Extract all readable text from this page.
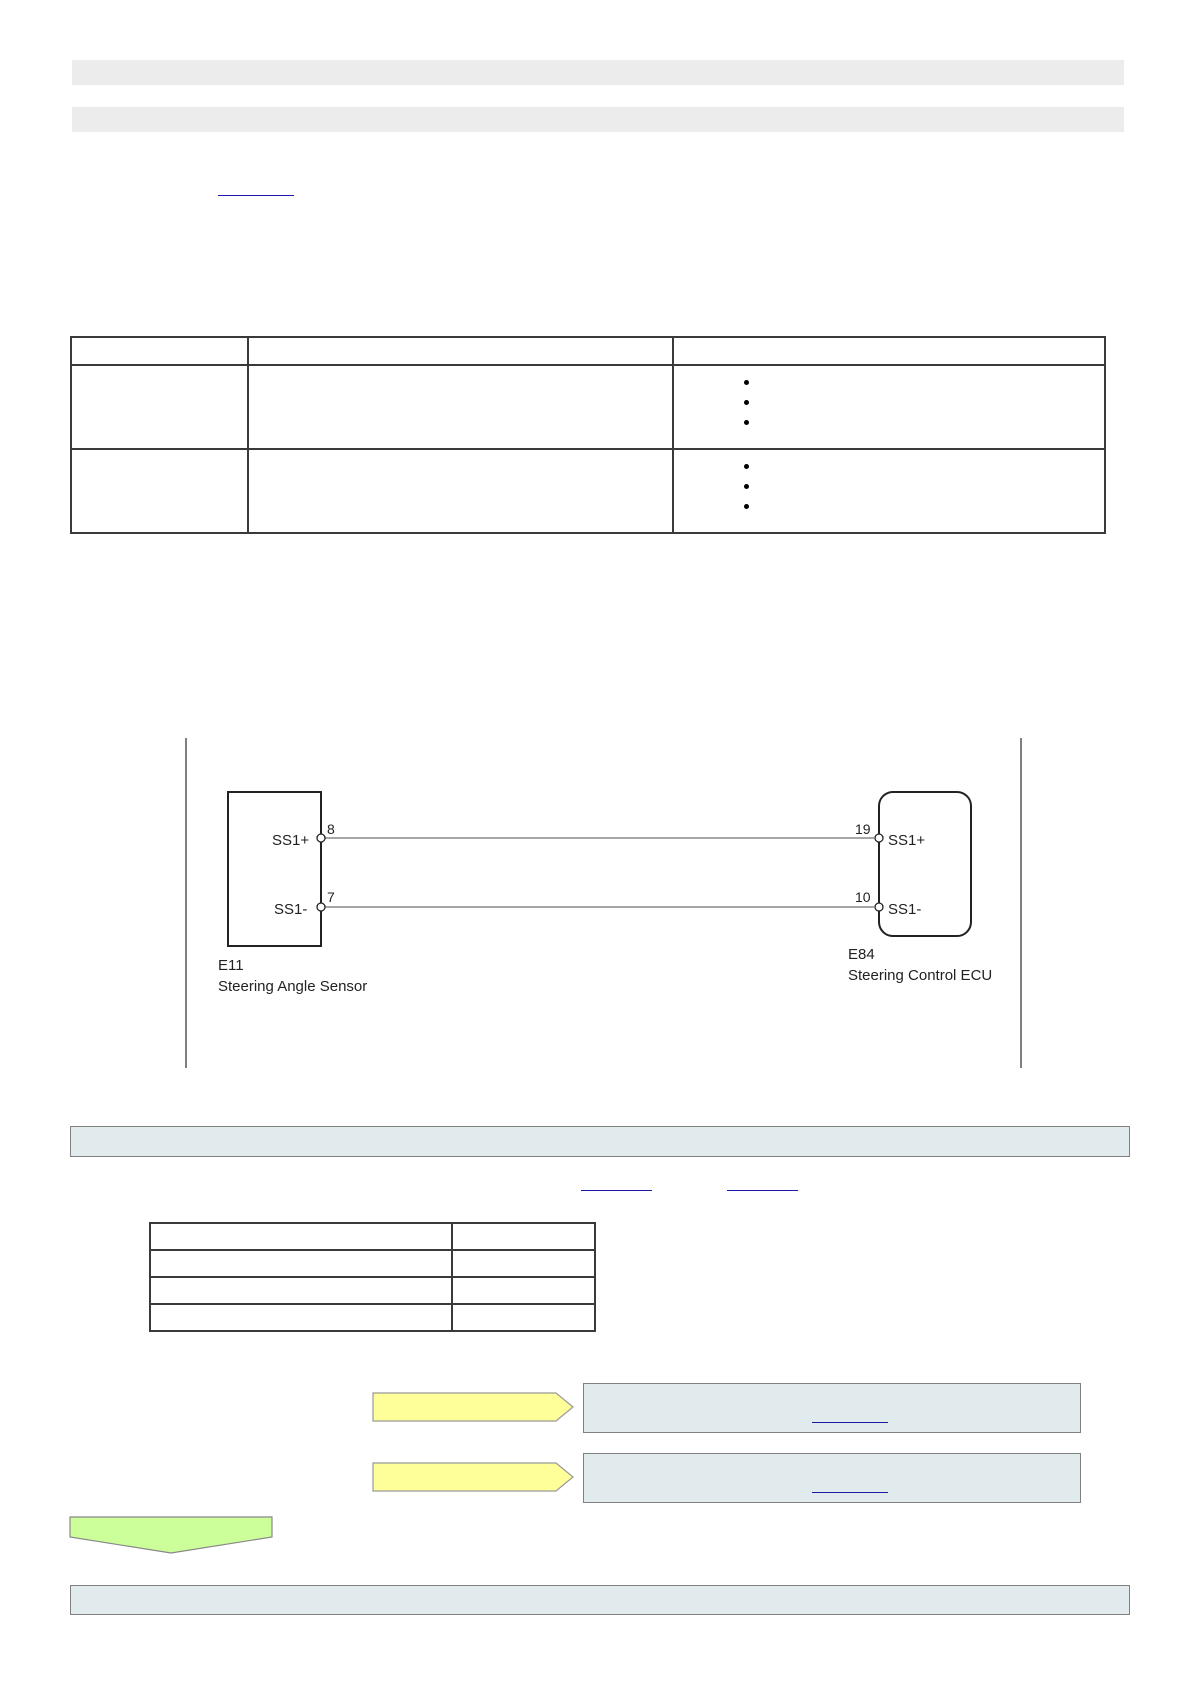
SS1+
8
SS1-
7
19
SS1+
10
SS1-
E11
Steering Angle Sensor
E84
Steering Control ECU
